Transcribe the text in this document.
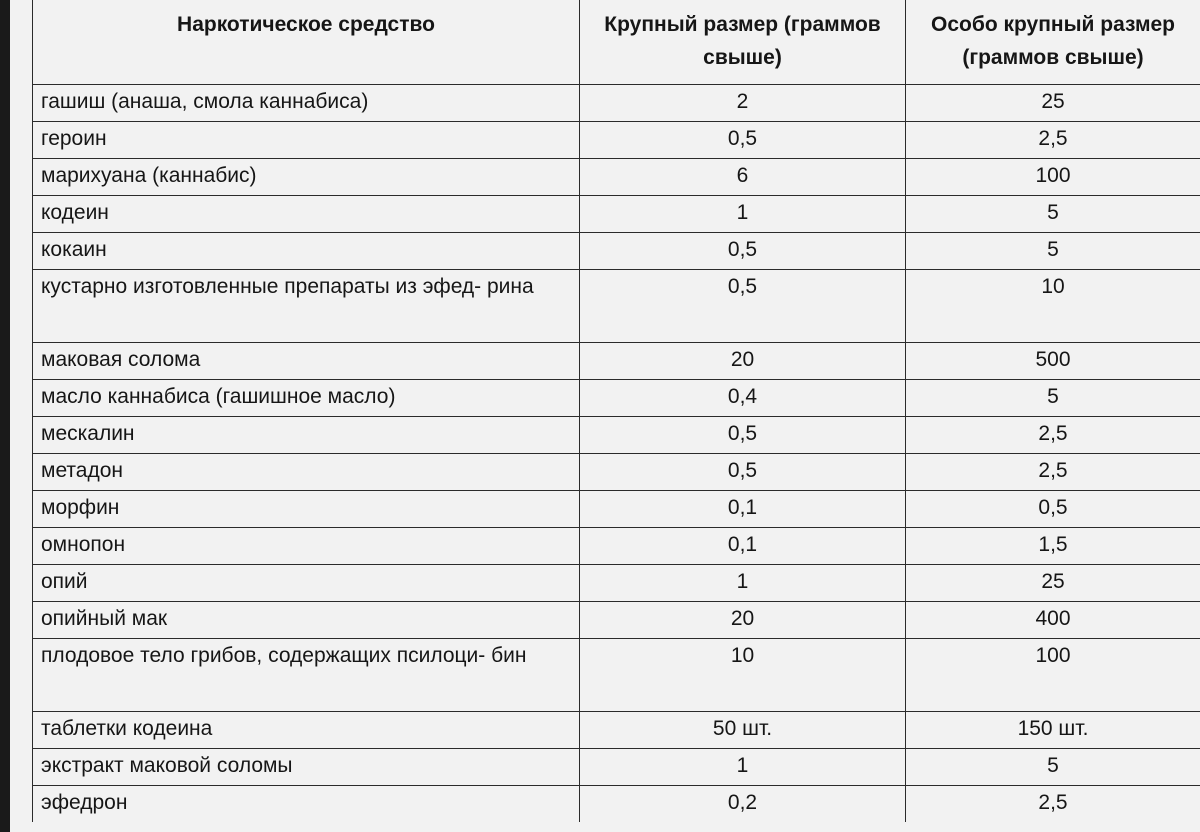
Наркотическое средство	Крупный размер (граммов свыше)	Особо крупный размер (граммов свыше)
гашиш (анаша, смола каннабиса)	2	25
героин	0,5	2,5
марихуана (каннабис)	6	100
кодеин	1	5
кокаин	0,5	5
кустарно изготовленные препараты из эфед- рина	0,5	10
маковая солома	20	500
масло каннабиса (гашишное масло)	0,4	5
мескалин	0,5	2,5
метадон	0,5	2,5
морфин	0,1	0,5
омнопон	0,1	1,5
опий	1	25
опийный мак	20	400
плодовое тело грибов, содержащих псилоци- бин	10	100
таблетки кодеина	50 шт.	150 шт.
экстракт маковой соломы	1	5
эфедрон	0,2	2,5
